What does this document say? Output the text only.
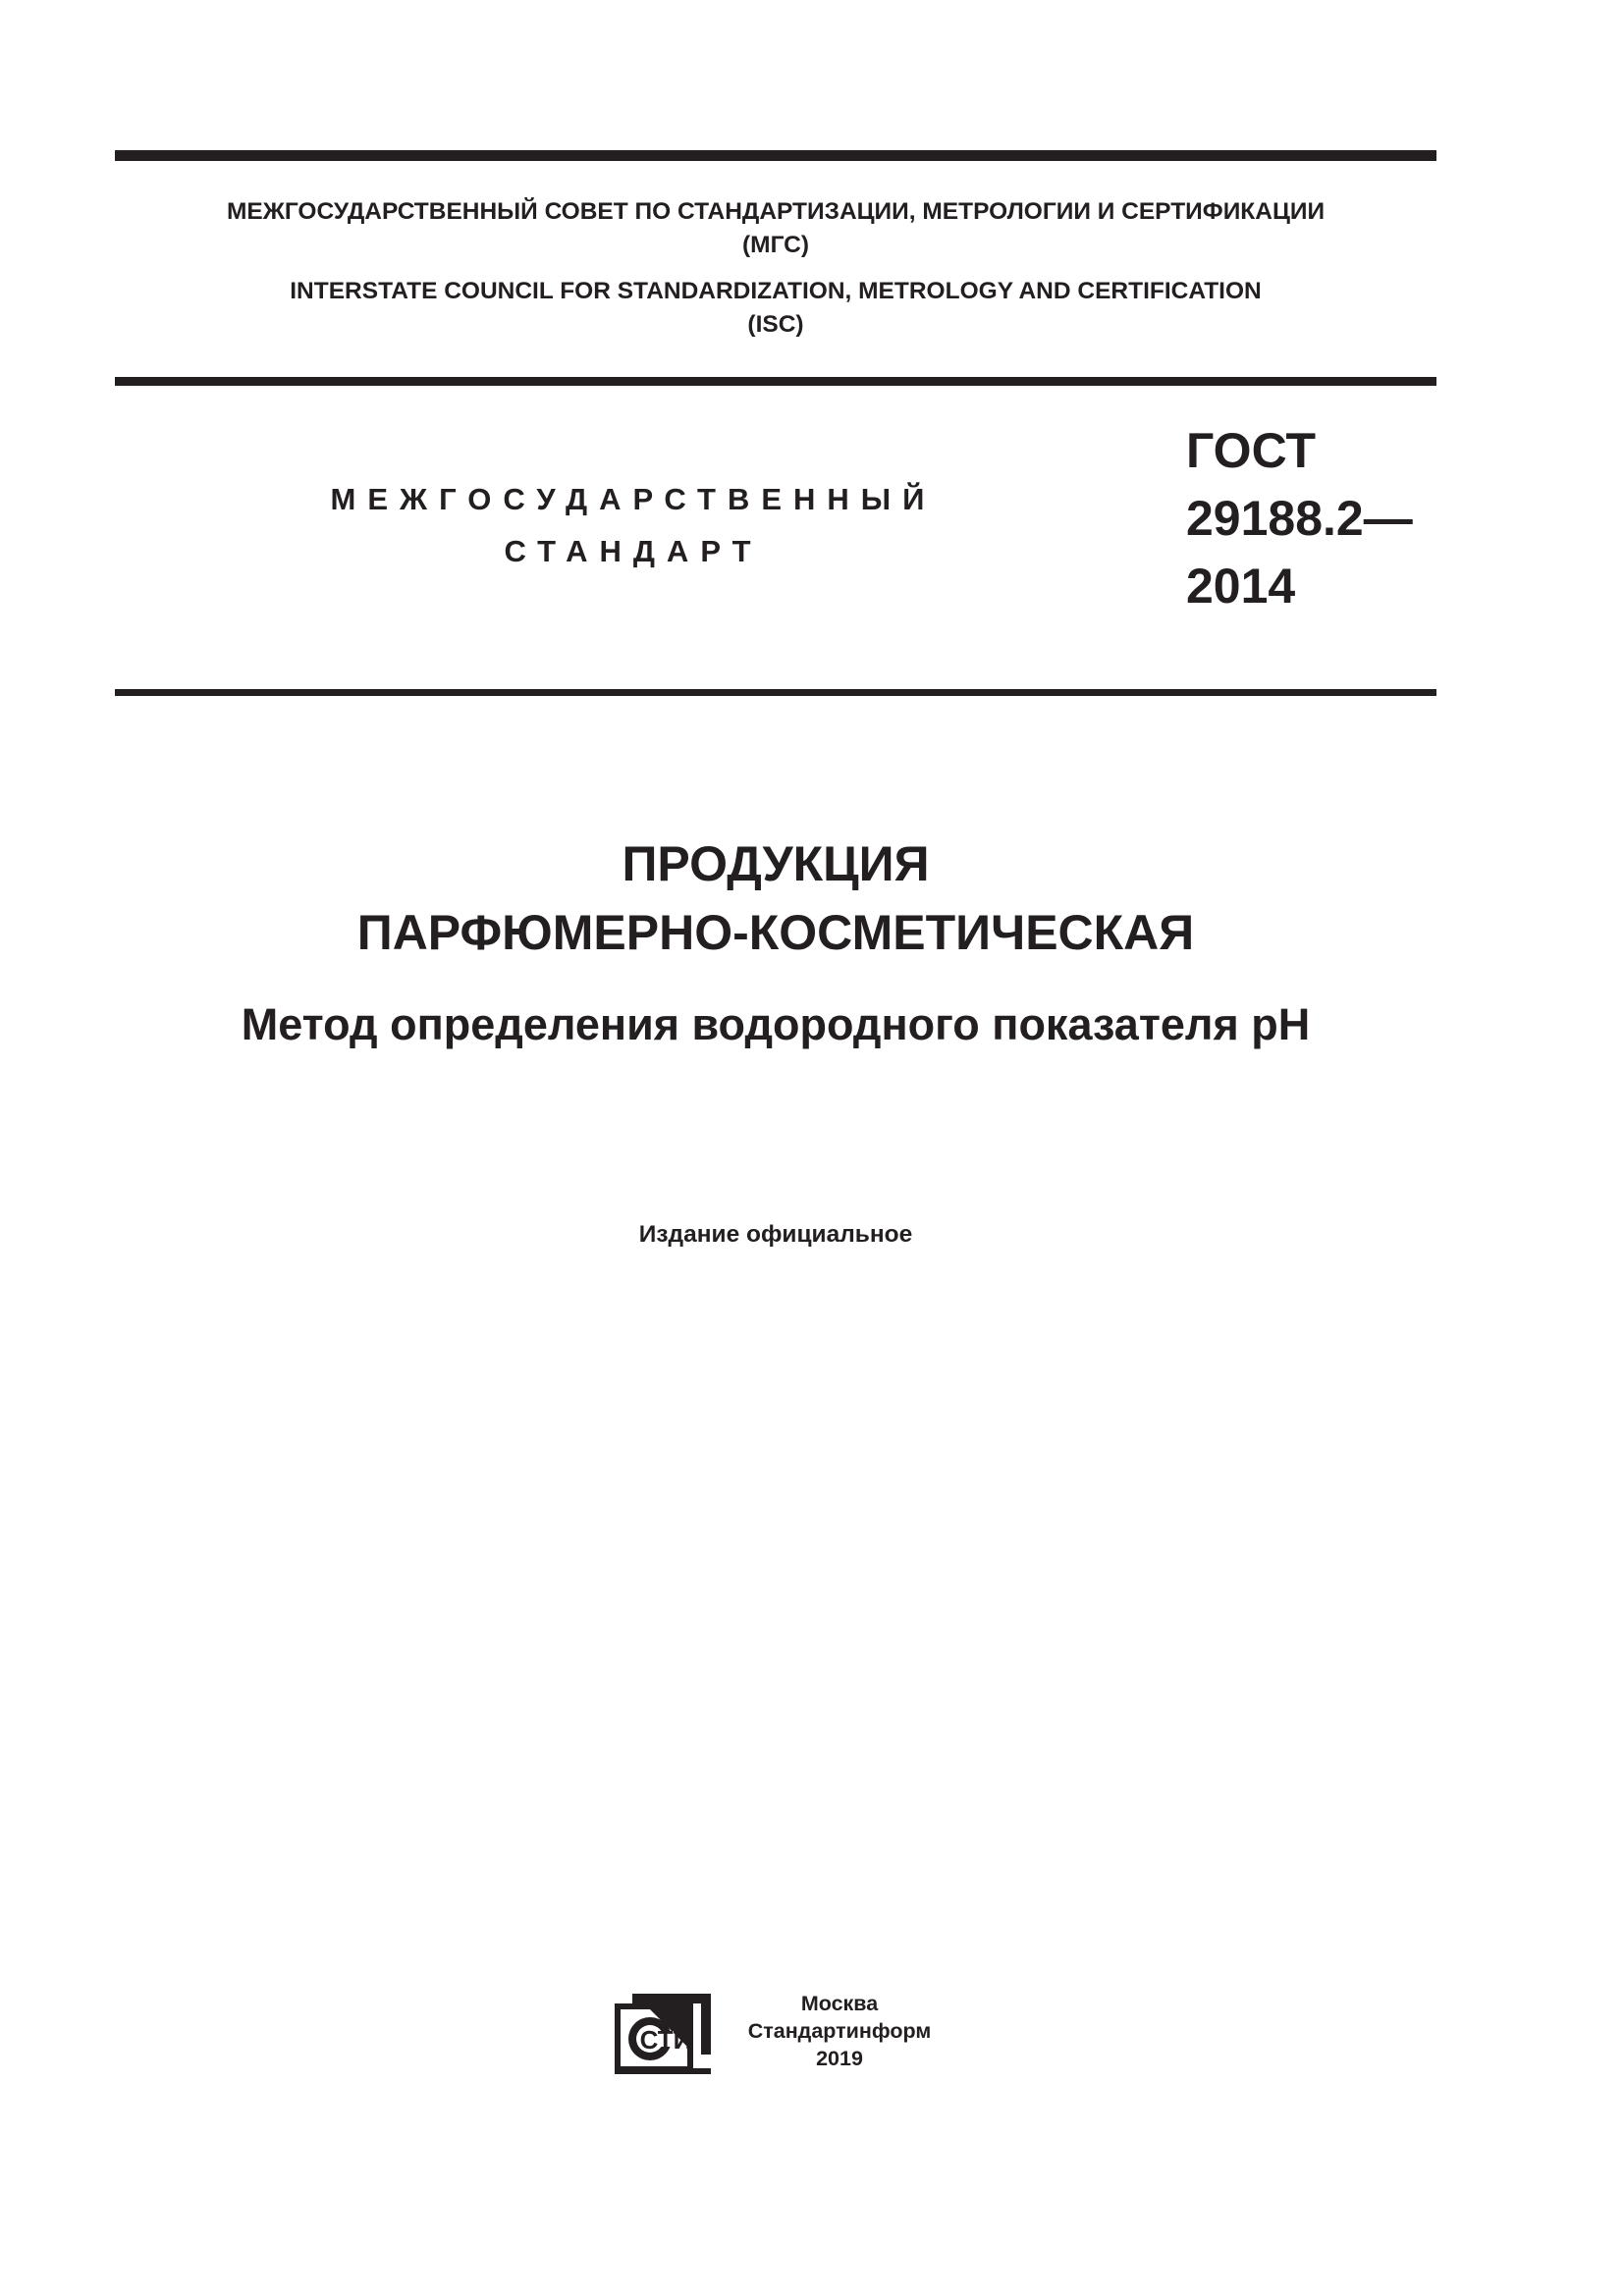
МЕЖГОСУДАРСТВЕННЫЙ СОВЕТ ПО СТАНДАРТИЗАЦИИ, МЕТРОЛОГИИ И СЕРТИФИКАЦИИ
(МГС)
INTERSTATE COUNCIL FOR STANDARDIZATION, METROLOGY AND CERTIFICATION
(ISC)
МЕЖГОСУДАРСТВЕННЫЙ
СТАНДАРТ
ГОСТ
29188.2—
2014
ПРОДУКЦИЯ
ПАРФЮМЕРНО-КОСМЕТИЧЕСКАЯ
Метод определения водородного показателя рН
Издание официальное
СТИ
Москва
Стандартинформ
2019
